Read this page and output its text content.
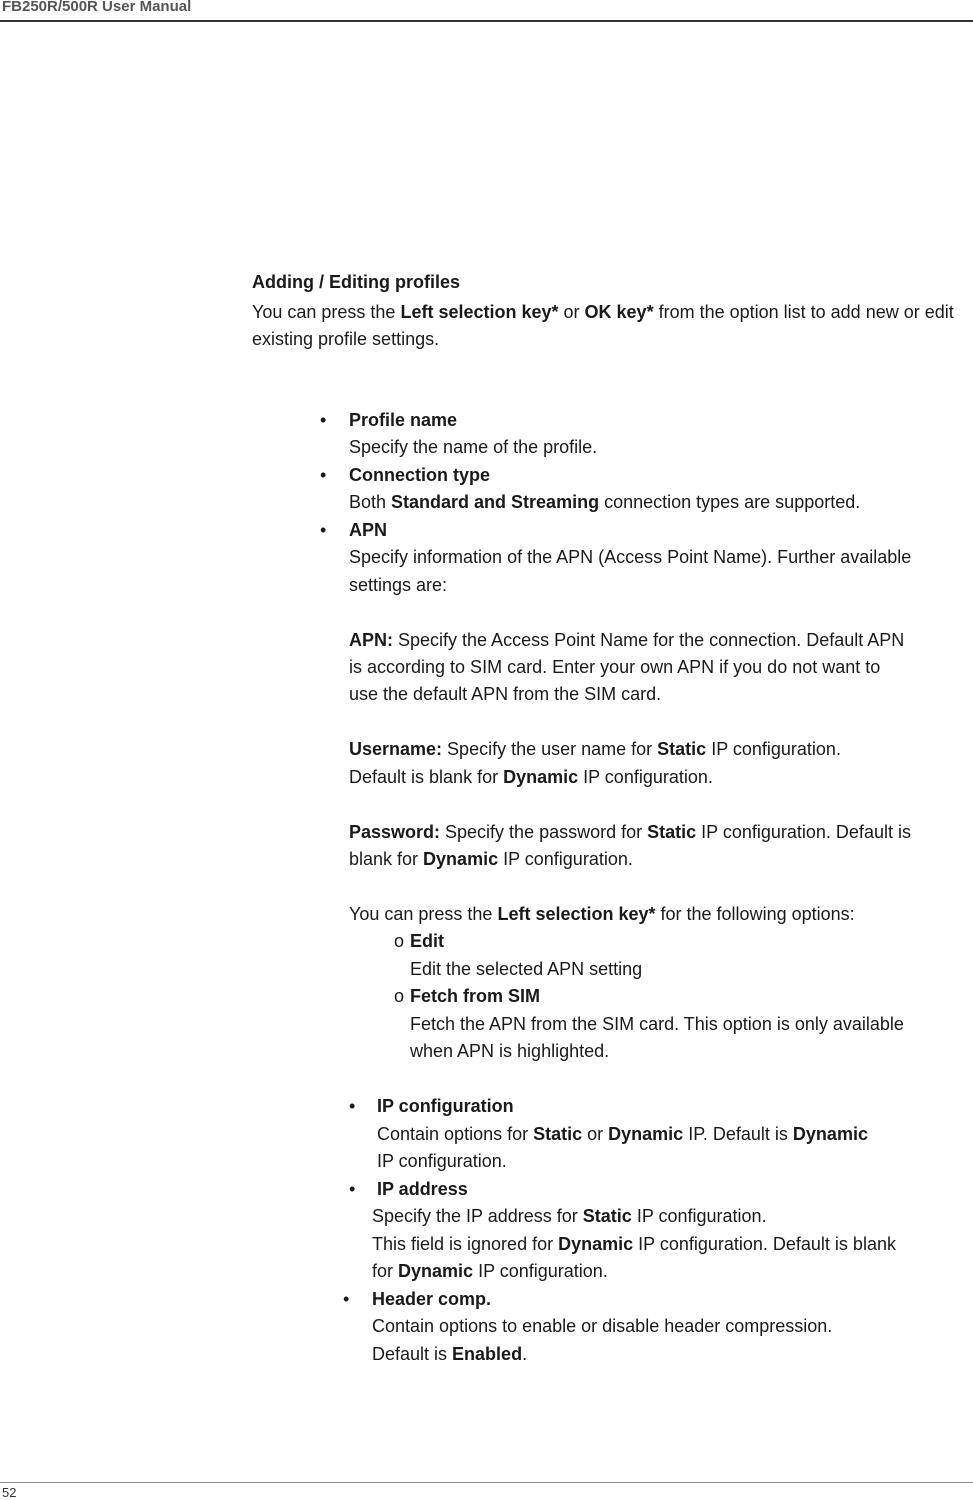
FB250R/500R User Manual
Adding / Editing profiles
You can press the Left selection key* or OK key* from the option list to add new or edit existing profile settings.
• Profile name
Specify the name of the profile.
• Connection type
Both Standard and Streaming connection types are supported.
• APN
Specify information of the APN (Access Point Name). Further available
settings are:
APN: Specify the Access Point Name for the connection. Default APN
is according to SIM card. Enter your own APN if you do not want to
use the default APN from the SIM card.
Username: Specify the user name for Static IP configuration.
Default is blank for Dynamic IP configuration.
Password: Specify the password for Static IP configuration. Default is
blank for Dynamic IP configuration.
You can press the Left selection key* for the following options:
o Edit
Edit the selected APN setting
o Fetch from SIM
Fetch the APN from the SIM card. This option is only available
when APN is highlighted.
• IP configuration
Contain options for Static or Dynamic IP. Default is Dynamic
IP configuration.
• IP address
Specify the IP address for Static IP configuration.
This field is ignored for Dynamic IP configuration. Default is blank
for Dynamic IP configuration.
• Header comp.
Contain options to enable or disable header compression.
Default is Enabled.
52
